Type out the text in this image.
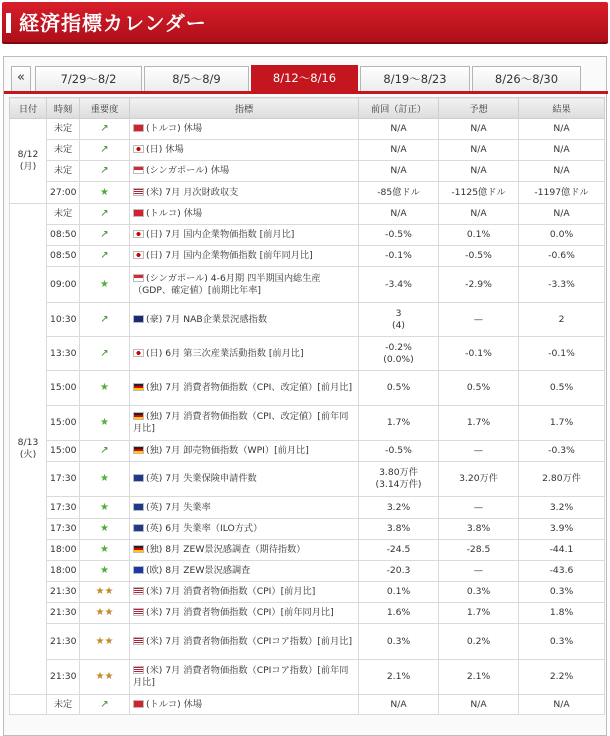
経済指標カレンダー
«	7/29〜8/2	8/5〜8/9	8/12〜8/16	8/19〜8/23	8/26〜8/30
日付	時刻	重要度	指標	前回（訂正）	予想	結果
8/12
(月)	未定	↗	(トルコ) 休場	N/A	N/A	N/A
	未定	↗	(日) 休場	N/A	N/A	N/A
	未定	↗	(シンガポール) 休場	N/A	N/A	N/A
	27:00	★	(米) 7月 月次財政収支	-85億ドル	-1125億ドル	-1197億ドル
8/13
(火)	未定	↗	(トルコ) 休場	N/A	N/A	N/A
	08:50	↗	(日) 7月 国内企業物価指数 [前月比]	-0.5%	0.1%	0.0%
	08:50	↗	(日) 7月 国内企業物価指数 [前年同月比]	-0.1%	-0.5%	-0.6%
	09:00	★	(シンガポール) 4-6月期 四半期国内総生産（GDP、確定値）[前期比年率]	-3.4%	-2.9%	-3.3%
	10:30	↗	(豪) 7月 NAB企業景況感指数	3
(4)	—	2
	13:30	↗	(日) 6月 第三次産業活動指数 [前月比]	-0.2%
(0.0%)	-0.1%	-0.1%
	15:00	★	(独) 7月 消費者物価指数（CPI、改定値）[前月比]	0.5%	0.5%	0.5%
	15:00	★	(独) 7月 消費者物価指数（CPI、改定値）[前年同月比]	1.7%	1.7%	1.7%
	15:00	↗	(独) 7月 卸売物価指数（WPI）[前月比]	-0.5%	—	-0.3%
	17:30	★	(英) 7月 失業保険申請件数	3.80万件
(3.14万件)	3.20万件	2.80万件
	17:30	★	(英) 7月 失業率	3.2%	—	3.2%
	17:30	★	(英) 6月 失業率（ILO方式）	3.8%	3.8%	3.9%
	18:00	★	(独) 8月 ZEW景況感調査（期待指数）	-24.5	-28.5	-44.1
	18:00	★	(欧) 8月 ZEW景況感調査	-20.3	—	-43.6
	21:30	★★	(米) 7月 消費者物価指数（CPI）[前月比]	0.1%	0.3%	0.3%
	21:30	★★	(米) 7月 消費者物価指数（CPI）[前年同月比]	1.6%	1.7%	1.8%
	21:30	★★	(米) 7月 消費者物価指数（CPIコア指数）[前月比]	0.3%	0.2%	0.3%
	21:30	★★	(米) 7月 消費者物価指数（CPIコア指数）[前年同月比]	2.1%	2.1%	2.2%
	未定	↗	(トルコ) 休場	N/A	N/A	N/A
